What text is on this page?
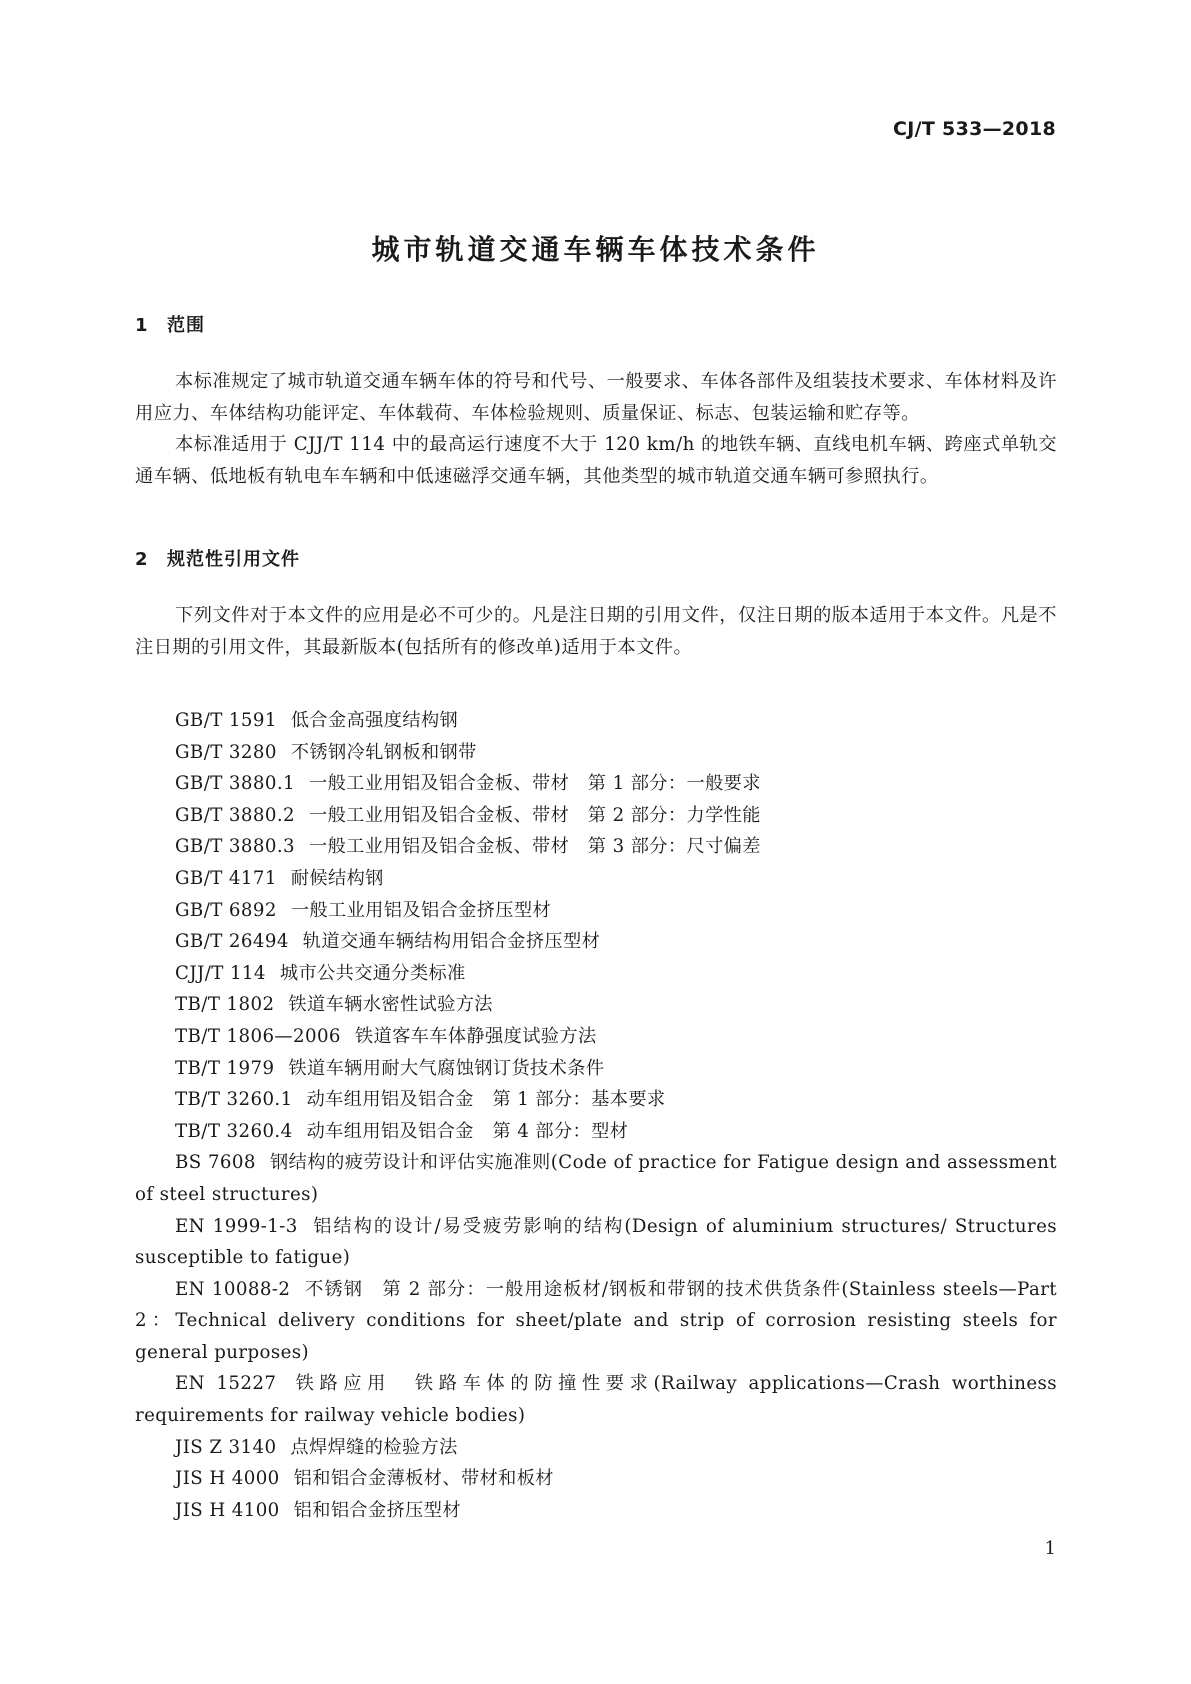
CJ/T 533—2018
城市轨道交通车辆车体技术条件
1 范围

本标准规定了城市轨道交通车辆车体的符号和代号、一般要求、车体各部件及组装技术要求、车体材料及许用应力、车体结构功能评定、车体载荷、车体检验规则、质量保证、标志、包装运输和贮存等。

本标准适用于 CJJ/T 114 中的最高运行速度不大于 120 km/h 的地铁车辆、直线电机车辆、跨座式单轨交通车辆、低地板有轨电车车辆和中低速磁浮交通车辆，其他类型的城市轨道交通车辆可参照执行。

2 规范性引用文件

下列文件对于本文件的应用是必不可少的。凡是注日期的引用文件，仅注日期的版本适用于本文件。凡是不注日期的引用文件，其最新版本(包括所有的修改单)适用于本文件。

GB/T 1591 低合金高强度结构钢
GB/T 3280 不锈钢冷轧钢板和钢带
GB/T 3880.1 一般工业用铝及铝合金板、带材　第 1 部分：一般要求
GB/T 3880.2 一般工业用铝及铝合金板、带材　第 2 部分：力学性能
GB/T 3880.3 一般工业用铝及铝合金板、带材　第 3 部分：尺寸偏差
GB/T 4171 耐候结构钢
GB/T 6892 一般工业用铝及铝合金挤压型材
GB/T 26494 轨道交通车辆结构用铝合金挤压型材
CJJ/T 114 城市公共交通分类标准
TB/T 1802 铁道车辆水密性试验方法
TB/T 1806—2006 铁道客车车体静强度试验方法
TB/T 1979 铁道车辆用耐大气腐蚀钢订货技术条件
TB/T 3260.1 动车组用铝及铝合金　第 1 部分：基本要求
TB/T 3260.4 动车组用铝及铝合金　第 4 部分：型材
BS 7608 钢结构的疲劳设计和评估实施准则(Code of practice for Fatigue design and assessment of steel structures)
EN 1999-1-3 铝结构的设计/易受疲劳影响的结构(Design of aluminium structures/ Structures susceptible to fatigue)
EN 10088-2 不锈钢　第 2 部分：一般用途板材/钢板和带钢的技术供货条件(Stainless steels—Part 2：Technical delivery conditions for sheet/plate and strip of corrosion resisting steels for general purposes)
EN 15227 铁路应用　铁路车体的防撞性要求(Railway applications—Crash worthiness requirements for railway vehicle bodies)
JIS Z 3140 点焊焊缝的检验方法
JIS H 4000 铝和铝合金薄板材、带材和板材
JIS H 4100 铝和铝合金挤压型材
1
